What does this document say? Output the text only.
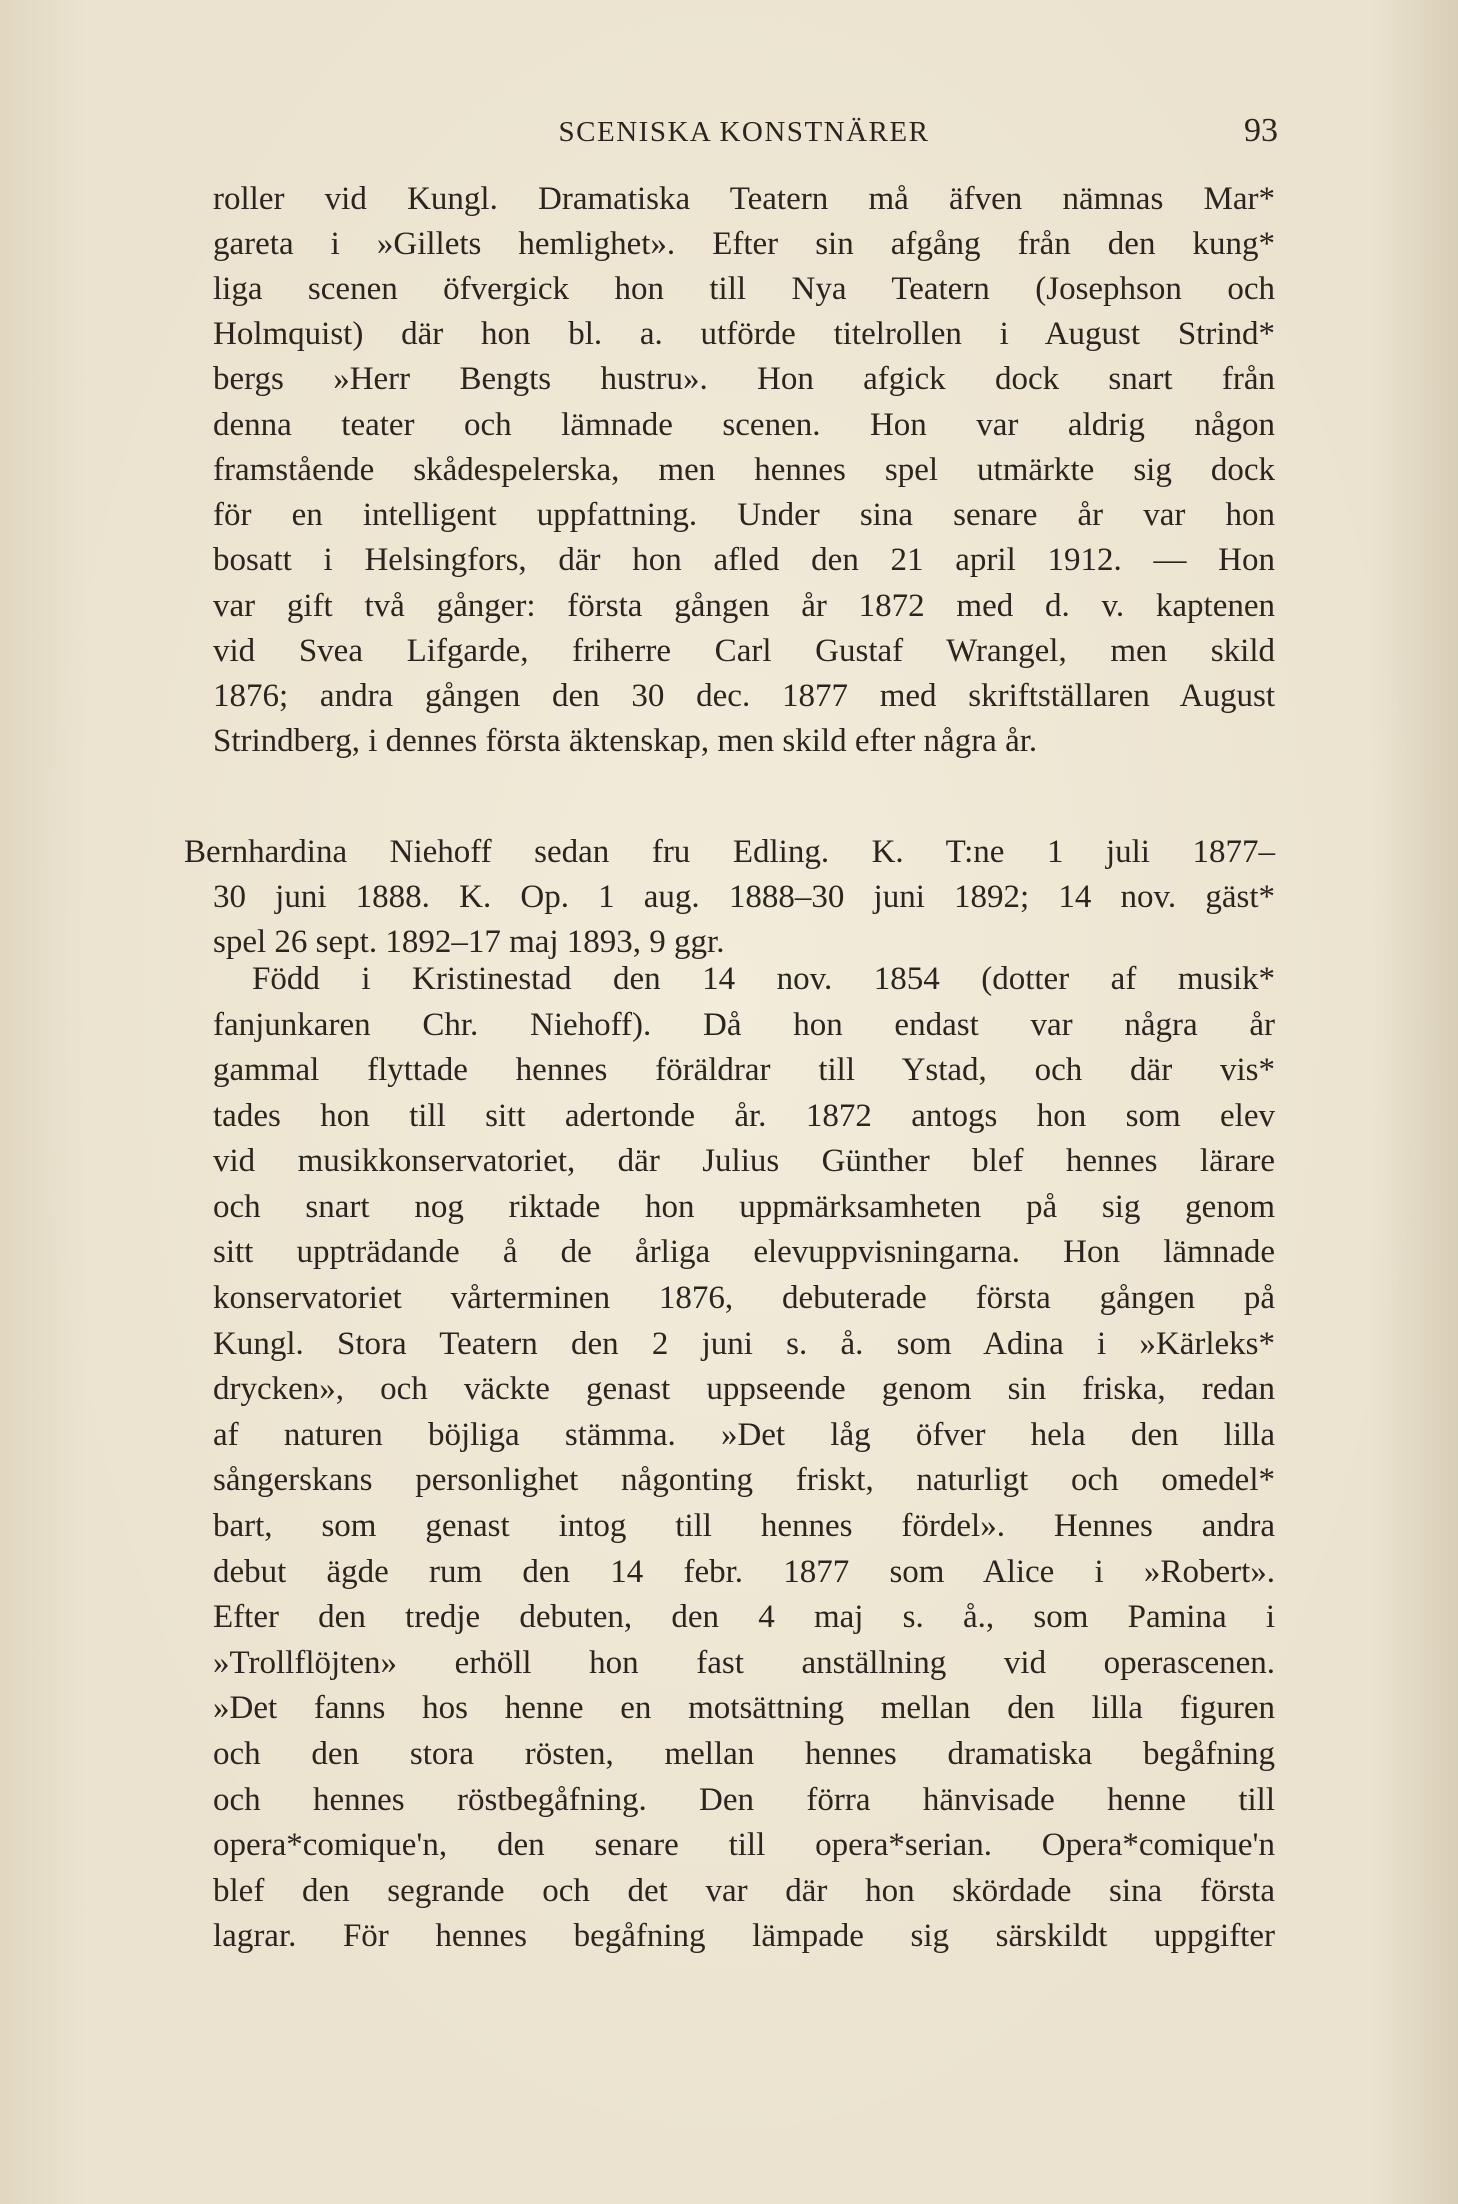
SCENISKA KONSTNÄRER	93
roller vid Kungl. Dramatiska Teatern må äfven nämnas Mar*
gareta i »Gillets hemlighet». Efter sin afgång från den kung*
liga scenen öfvergick hon till Nya Teatern (Josephson och
Holmquist) där hon bl. a. utförde titelrollen i August Strind*
bergs »Herr Bengts hustru». Hon afgick dock snart från
denna teater och lämnade scenen. Hon var aldrig någon
framstående skådespelerska, men hennes spel utmärkte sig dock
för en intelligent uppfattning. Under sina senare år var hon
bosatt i Helsingfors, där hon afled den 21 april 1912. — Hon
var gift två gånger: första gången år 1872 med d. v. kaptenen
vid Svea Lifgarde, friherre Carl Gustaf Wrangel, men skild
1876; andra gången den 30 dec. 1877 med skriftställaren August
Strindberg, i dennes första äktenskap, men skild efter några år.
Bernhardina Niehoff sedan fru Edling. K. T:ne 1 juli 1877–
30 juni 1888. K. Op. 1 aug. 1888–30 juni 1892; 14 nov. gäst*
spel 26 sept. 1892–17 maj 1893, 9 ggr.
Född i Kristinestad den 14 nov. 1854 (dotter af musik*
fanjunkaren Chr. Niehoff). Då hon endast var några år
gammal flyttade hennes föräldrar till Ystad, och där vis*
tades hon till sitt adertonde år. 1872 antogs hon som elev
vid musikkonservatoriet, där Julius Günther blef hennes lärare
och snart nog riktade hon uppmärksamheten på sig genom
sitt uppträdande å de årliga elevuppvisningarna. Hon lämnade
konservatoriet vårterminen 1876, debuterade första gången på
Kungl. Stora Teatern den 2 juni s. å. som Adina i »Kärleks*
drycken», och väckte genast uppseende genom sin friska, redan
af naturen böjliga stämma. »Det låg öfver hela den lilla
sångerskans personlighet någonting friskt, naturligt och omedel*
bart, som genast intog till hennes fördel». Hennes andra
debut ägde rum den 14 febr. 1877 som Alice i »Robert».
Efter den tredje debuten, den 4 maj s. å., som Pamina i
»Trollflöjten» erhöll hon fast anställning vid operascenen.
»Det fanns hos henne en motsättning mellan den lilla figuren
och den stora rösten, mellan hennes dramatiska begåfning
och hennes röstbegåfning. Den förra hänvisade henne till
opera*comique'n, den senare till opera*serian. Opera*comique'n
blef den segrande och det var där hon skördade sina första
lagrar. För hennes begåfning lämpade sig särskildt uppgifter
